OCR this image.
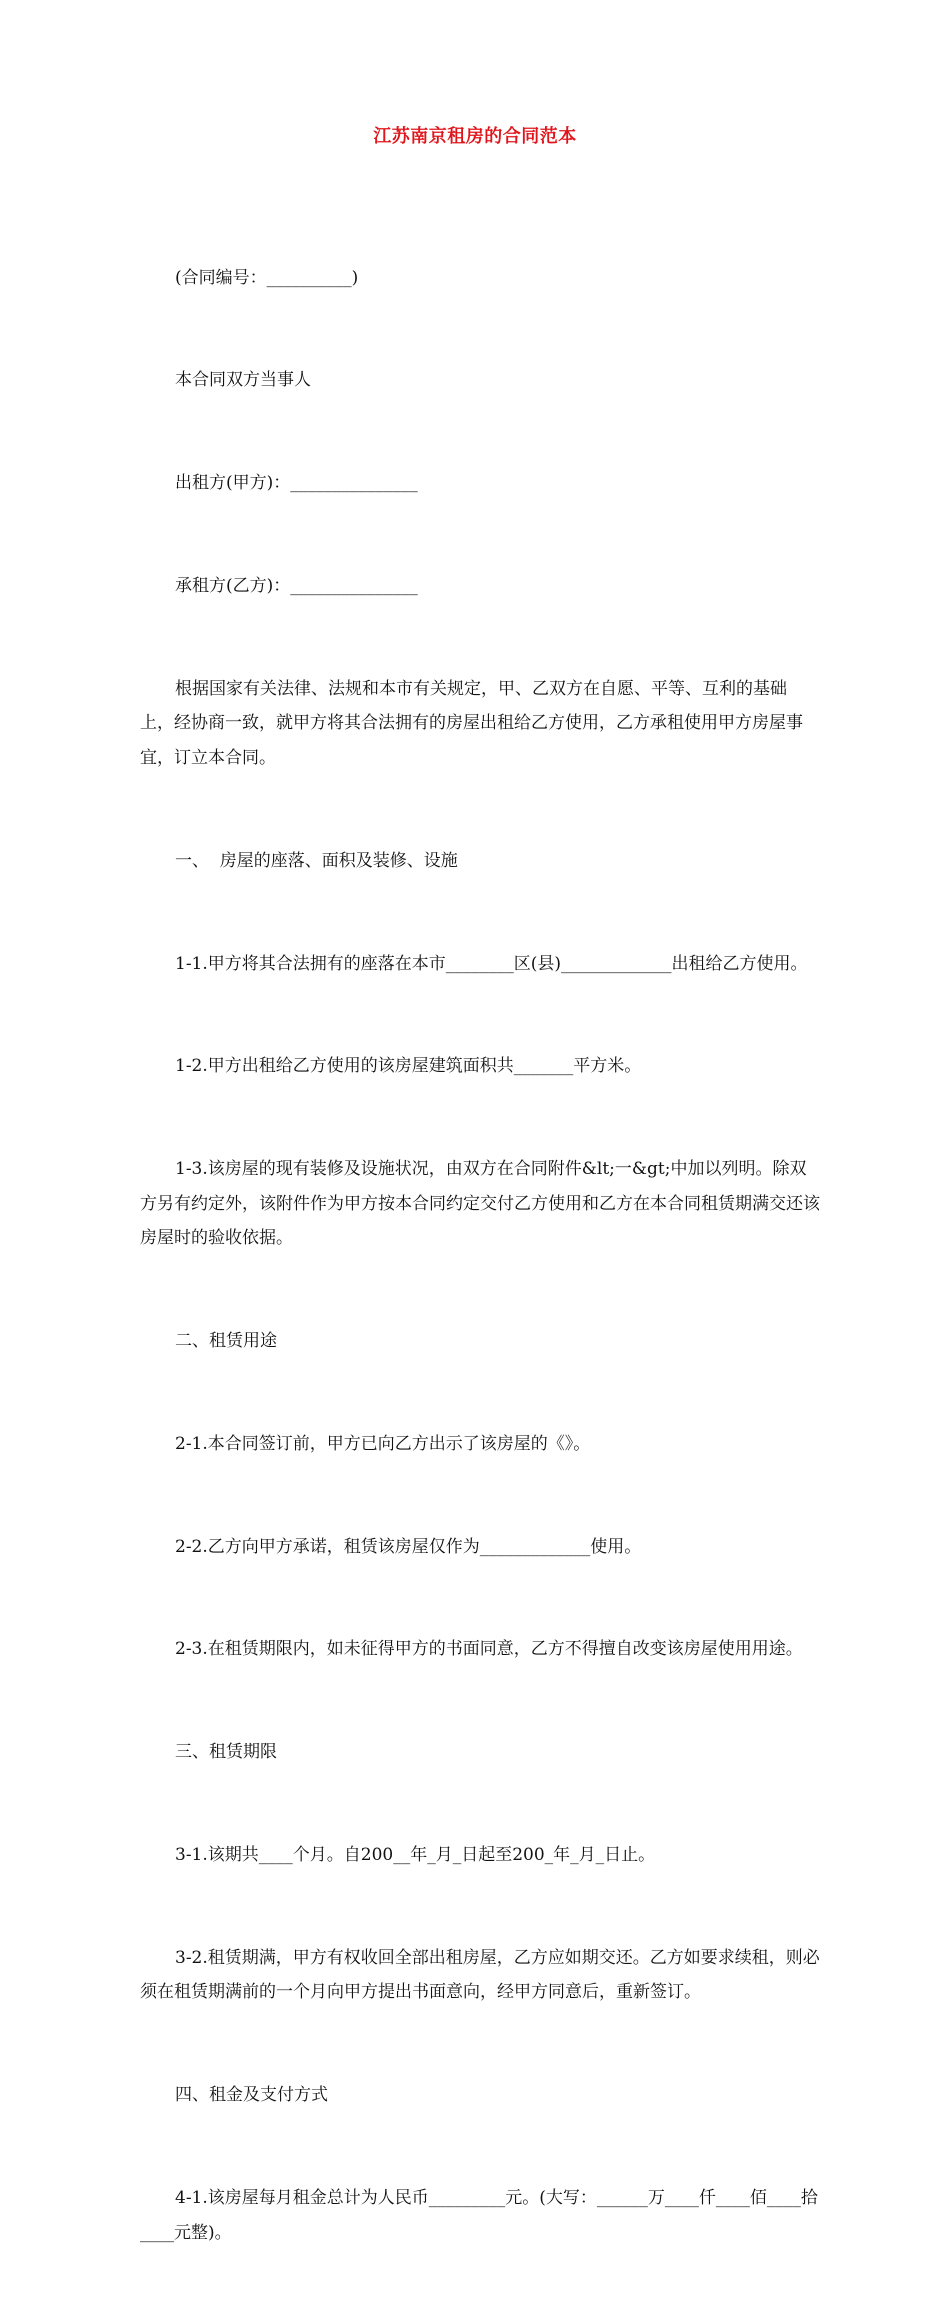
江苏南京租房的合同范本

(合同编号：__________)

本合同双方当事人

出租方(甲方)：_______________

承租方(乙方)：_______________

根据国家有关法律、法规和本市有关规定，甲、乙双方在自愿、平等、互利的基础上，经协商一致，就甲方将其合法拥有的房屋出租给乙方使用，乙方承租使用甲方房屋事宜，订立本合同。

一、  房屋的座落、面积及装修、设施

1-1.甲方将其合法拥有的座落在本市________区(县)_____________出租给乙方使用。

1-2.甲方出租给乙方使用的该房屋建筑面积共_______平方米。

1-3.该房屋的现有装修及设施状况，由双方在合同附件&lt;一&gt;中加以列明。除双方另有约定外，该附件作为甲方按本合同约定交付乙方使用和乙方在本合同租赁期满交还该房屋时的验收依据。

二、租赁用途

2-1.本合同签订前，甲方已向乙方出示了该房屋的《》。

2-2.乙方向甲方承诺，租赁该房屋仅作为_____________使用。

2-3.在租赁期限内，如未征得甲方的书面同意，乙方不得擅自改变该房屋使用用途。

三、租赁期限

3-1.该期共____个月。自200__年_月_日起至200_年_月_日止。

3-2.租赁期满，甲方有权收回全部出租房屋，乙方应如期交还。乙方如要求续租，则必须在租赁期满前的一个月向甲方提出书面意向，经甲方同意后，重新签订。

四、租金及支付方式

4-1.该房屋每月租金总计为人民币_________元。(大写：______万____仟____佰____拾____元整)。
